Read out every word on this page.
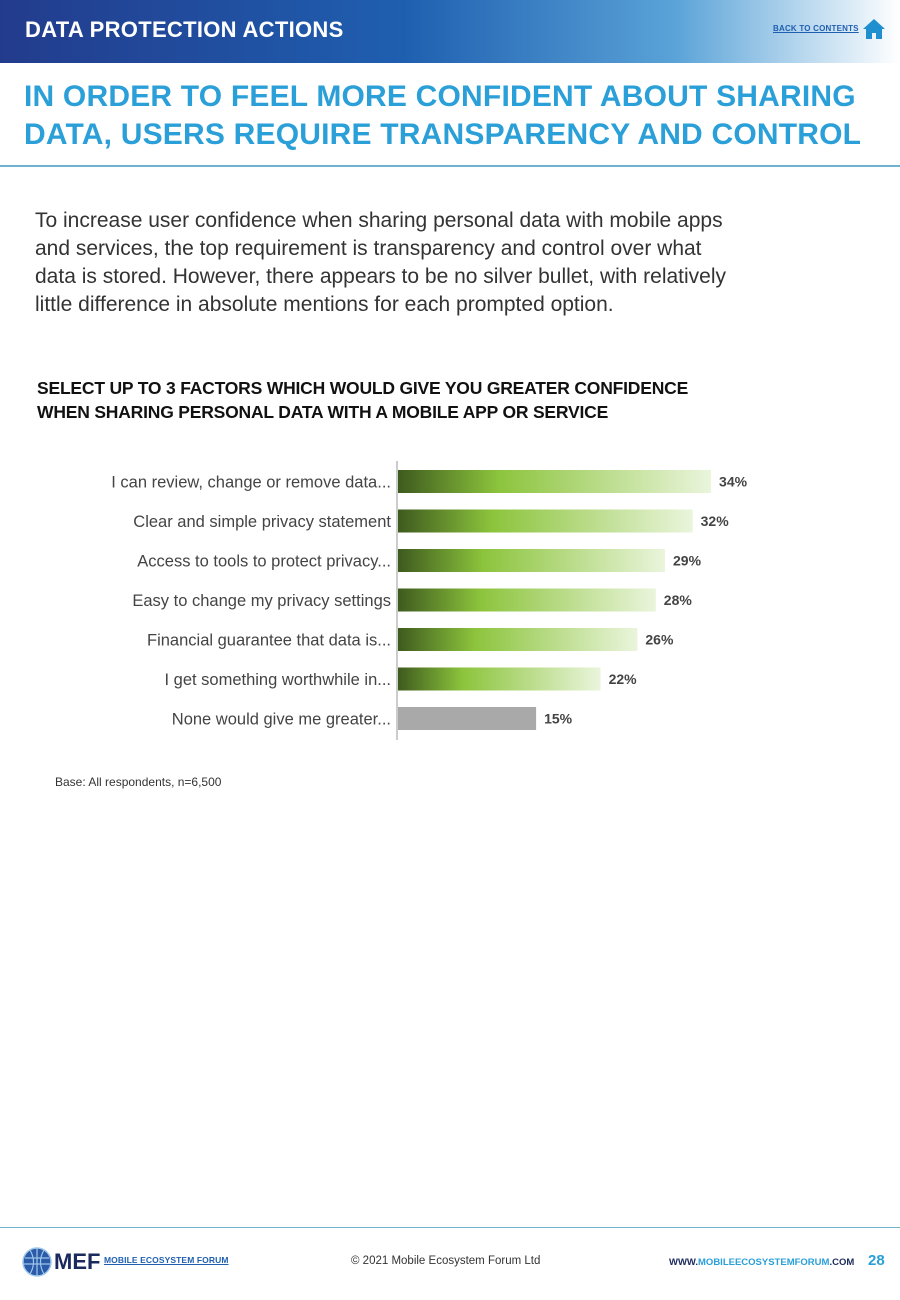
DATA PROTECTION ACTIONS	BACK TO CONTENTS
IN ORDER TO FEEL MORE CONFIDENT ABOUT SHARING
DATA, USERS REQUIRE TRANSPARENCY AND CONTROL
To increase user confidence when sharing personal data with mobile apps
and services, the top requirement is transparency and control over what
data is stored. However, there appears to be no silver bullet, with relatively
little difference in absolute mentions for each prompted option.
SELECT UP TO 3 FACTORS WHICH WOULD GIVE YOU GREATER CONFIDENCE
WHEN SHARING PERSONAL DATA WITH A MOBILE APP OR SERVICE
I can review, change or remove data...	34%
Clear and simple privacy statement	32%
Access to tools to protect privacy...	29%
Easy to change my privacy settings	28%
Financial guarantee that data is...	26%
I get something worthwhile in...	22%
None would give me greater...	15%
Base: All respondents, n=6,500
MEF MOBILE ECOSYSTEM FORUM	© 2021 Mobile Ecosystem Forum Ltd	WWW.MOBILEECOSYSTEMFORUM.COM 28
